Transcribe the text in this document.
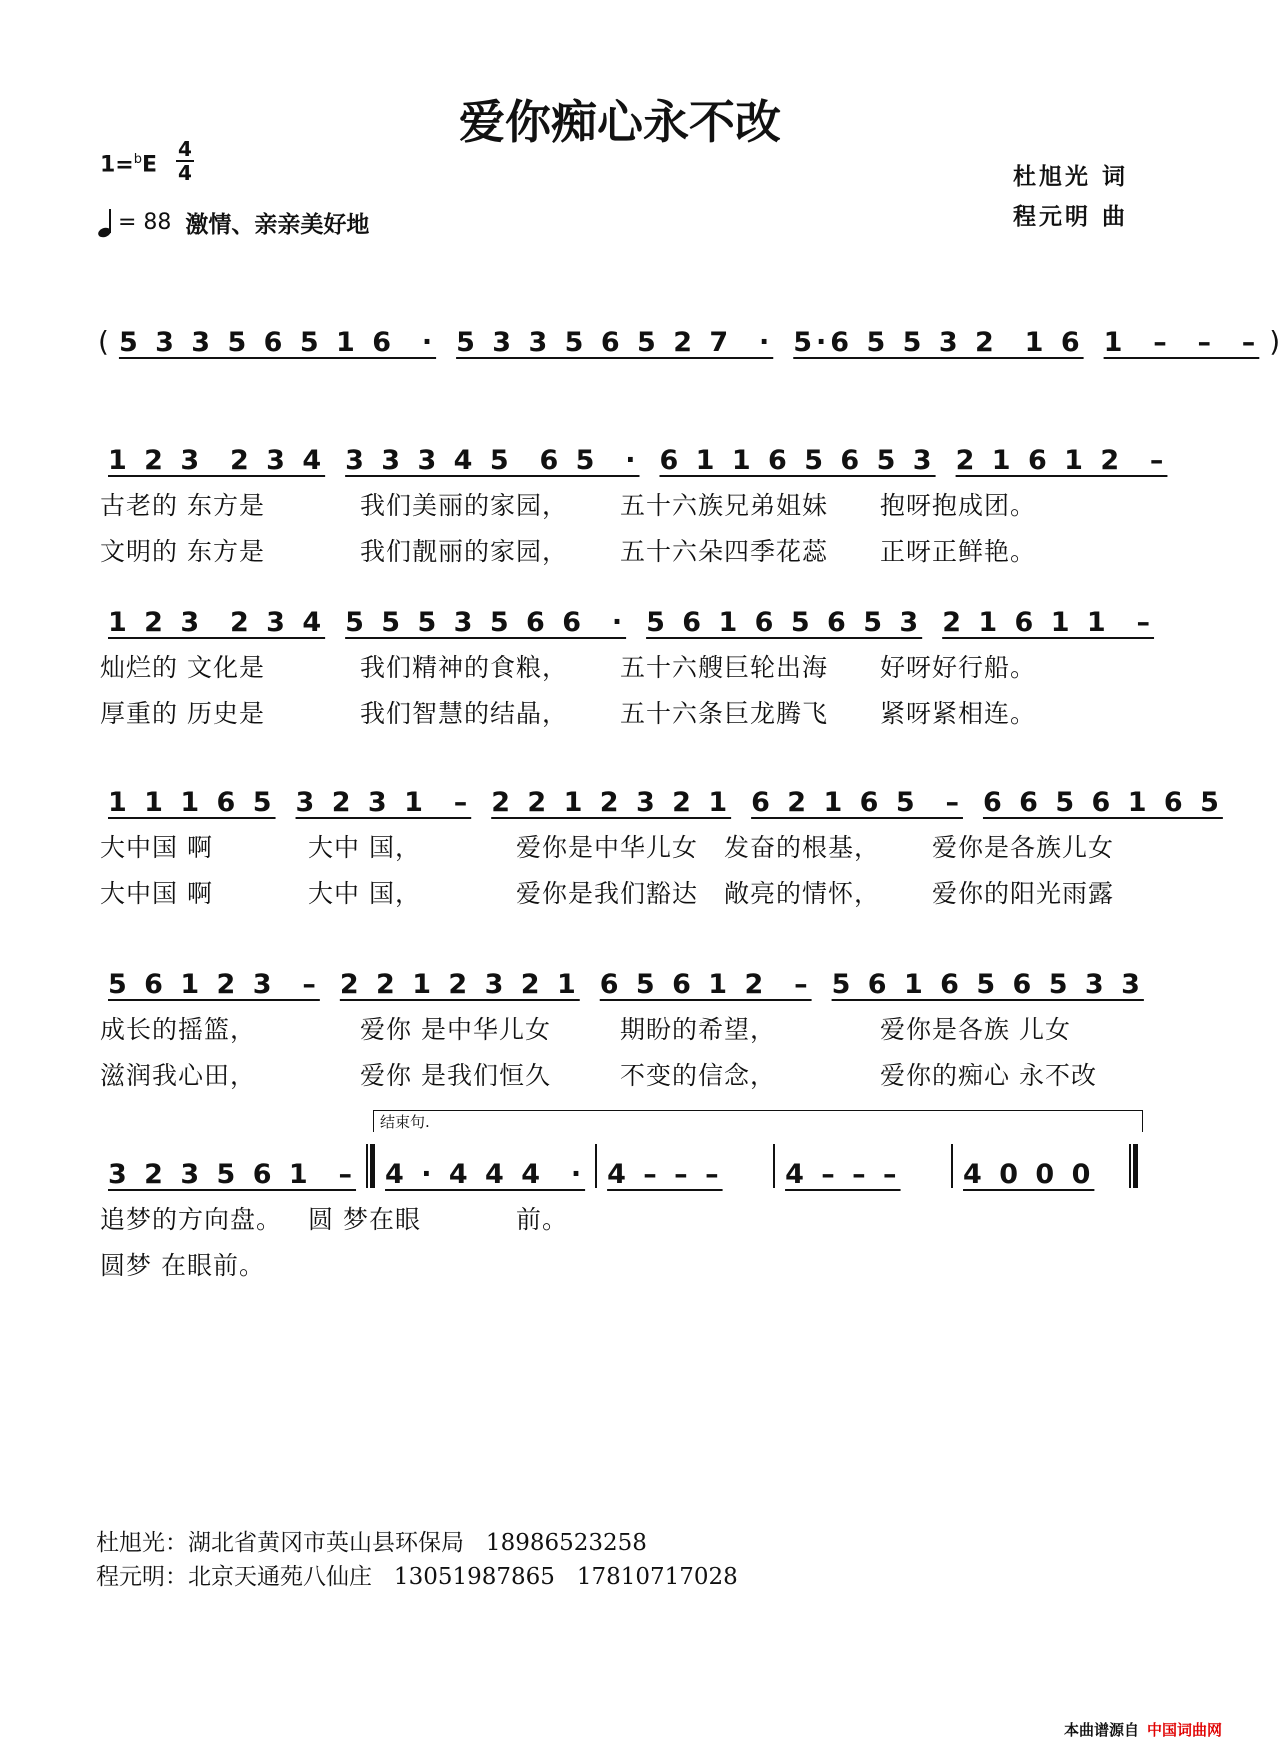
爱你痴心永不改
1=$^b$E
4
4
= 88 激情、亲亲美好地
杜旭光 词
程元明 曲
( 5 3 3 5 6 5 1 6  · 5 3 3 5 6 5 2 7  · 5·6 5 5 3 2  1 6 1  –  –  – )
1 2 3  2 3 4 3 3 3 4 5  6 5  · 6 1 1 6 5 6 5 3 2 1 6 1 2  –
古老的 东方是	我们美丽的家园，	五十六族兄弟姐妹	抱呀抱成团。
文明的 东方是	我们靓丽的家园，	五十六朵四季花蕊	正呀正鲜艳。
1 2 3  2 3 4 5 5 5 3 5 6 6  · 5 6 1 6 5 6 5 3 2 1 6 1 1  –
灿烂的 文化是	我们精神的食粮，	五十六艘巨轮出海	好呀好行船。
厚重的 历史是	我们智慧的结晶，	五十六条巨龙腾飞	紧呀紧相连。
1 1 1 6 5 3 2 3 1  – 2 2 1 2 3 2 1 6 2 1 6 5  – 6 6 5 6 1 6 5
大中国 啊	大中 国，	爱你是中华儿女	发奋的根基，	爱你是各族儿女
大中国 啊	大中 国，	爱你是我们豁达	敞亮的情怀，	爱你的阳光雨露
5 6 1 2 3  – 2 2 1 2 3 2 1 6 5 6 1 2  – 5 6 1 6 5 6 5 3 3
成长的摇篮，	爱你 是中华儿女	期盼的希望，	爱你是各族 儿女
滋润我心田，	爱你 是我们恒久	不变的信念，	爱你的痴心 永不改
结束句.
3 2 3 5 6 1  – 4 · 4 4 4  · 4 – – – 4 – – – 4 0 0 0
追梦的方向盘。	圆 梦在眼	前。
圆梦 在眼前。
杜旭光：湖北省黄冈市英山县环保局   18986523258
程元明：北京天通苑八仙庄   13051987865   17810717028
本曲谱源自 中国词曲网
